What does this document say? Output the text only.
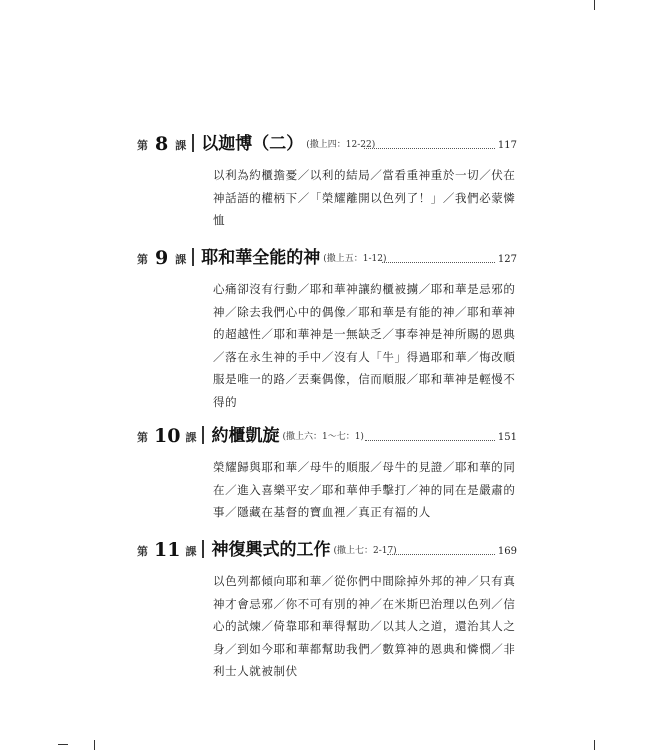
第 8 課 以迦博（二） (撒上四：12-22)	117
以利為約櫃擔憂／以利的結局／當看重神重於一切／伏在神話語的權柄下／「榮耀離開以色列了！」／我們必蒙憐恤
第 9 課 耶和華全能的神 (撒上五：1-12)	127
心痛卻沒有行動／耶和華神讓約櫃被擄／耶和華是忌邪的神／除去我們心中的偶像／耶和華是有能的神／耶和華神的超越性／耶和華神是一無缺乏／事奉神是神所賜的恩典／落在永生神的手中／沒有人「牛」得過耶和華／悔改順服是唯一的路／丟棄偶像，信而順服／耶和華神是輕慢不得的
第 10 課 約櫃凱旋 (撒上六：1～七：1)	151
榮耀歸與耶和華／母牛的順服／母牛的見證／耶和華的同在／進入喜樂平安／耶和華伸手擊打／神的同在是嚴肅的事／隱藏在基督的寶血裡／真正有福的人
第 11 課 神復興式的工作 (撒上七：2-17)	169
以色列都傾向耶和華／從你們中間除掉外邦的神／只有真神才會忌邪／你不可有別的神／在米斯巴治理以色列／信心的試煉／倚靠耶和華得幫助／以其人之道，還治其人之身／到如今耶和華都幫助我們／數算神的恩典和憐憫／非利士人就被制伏
